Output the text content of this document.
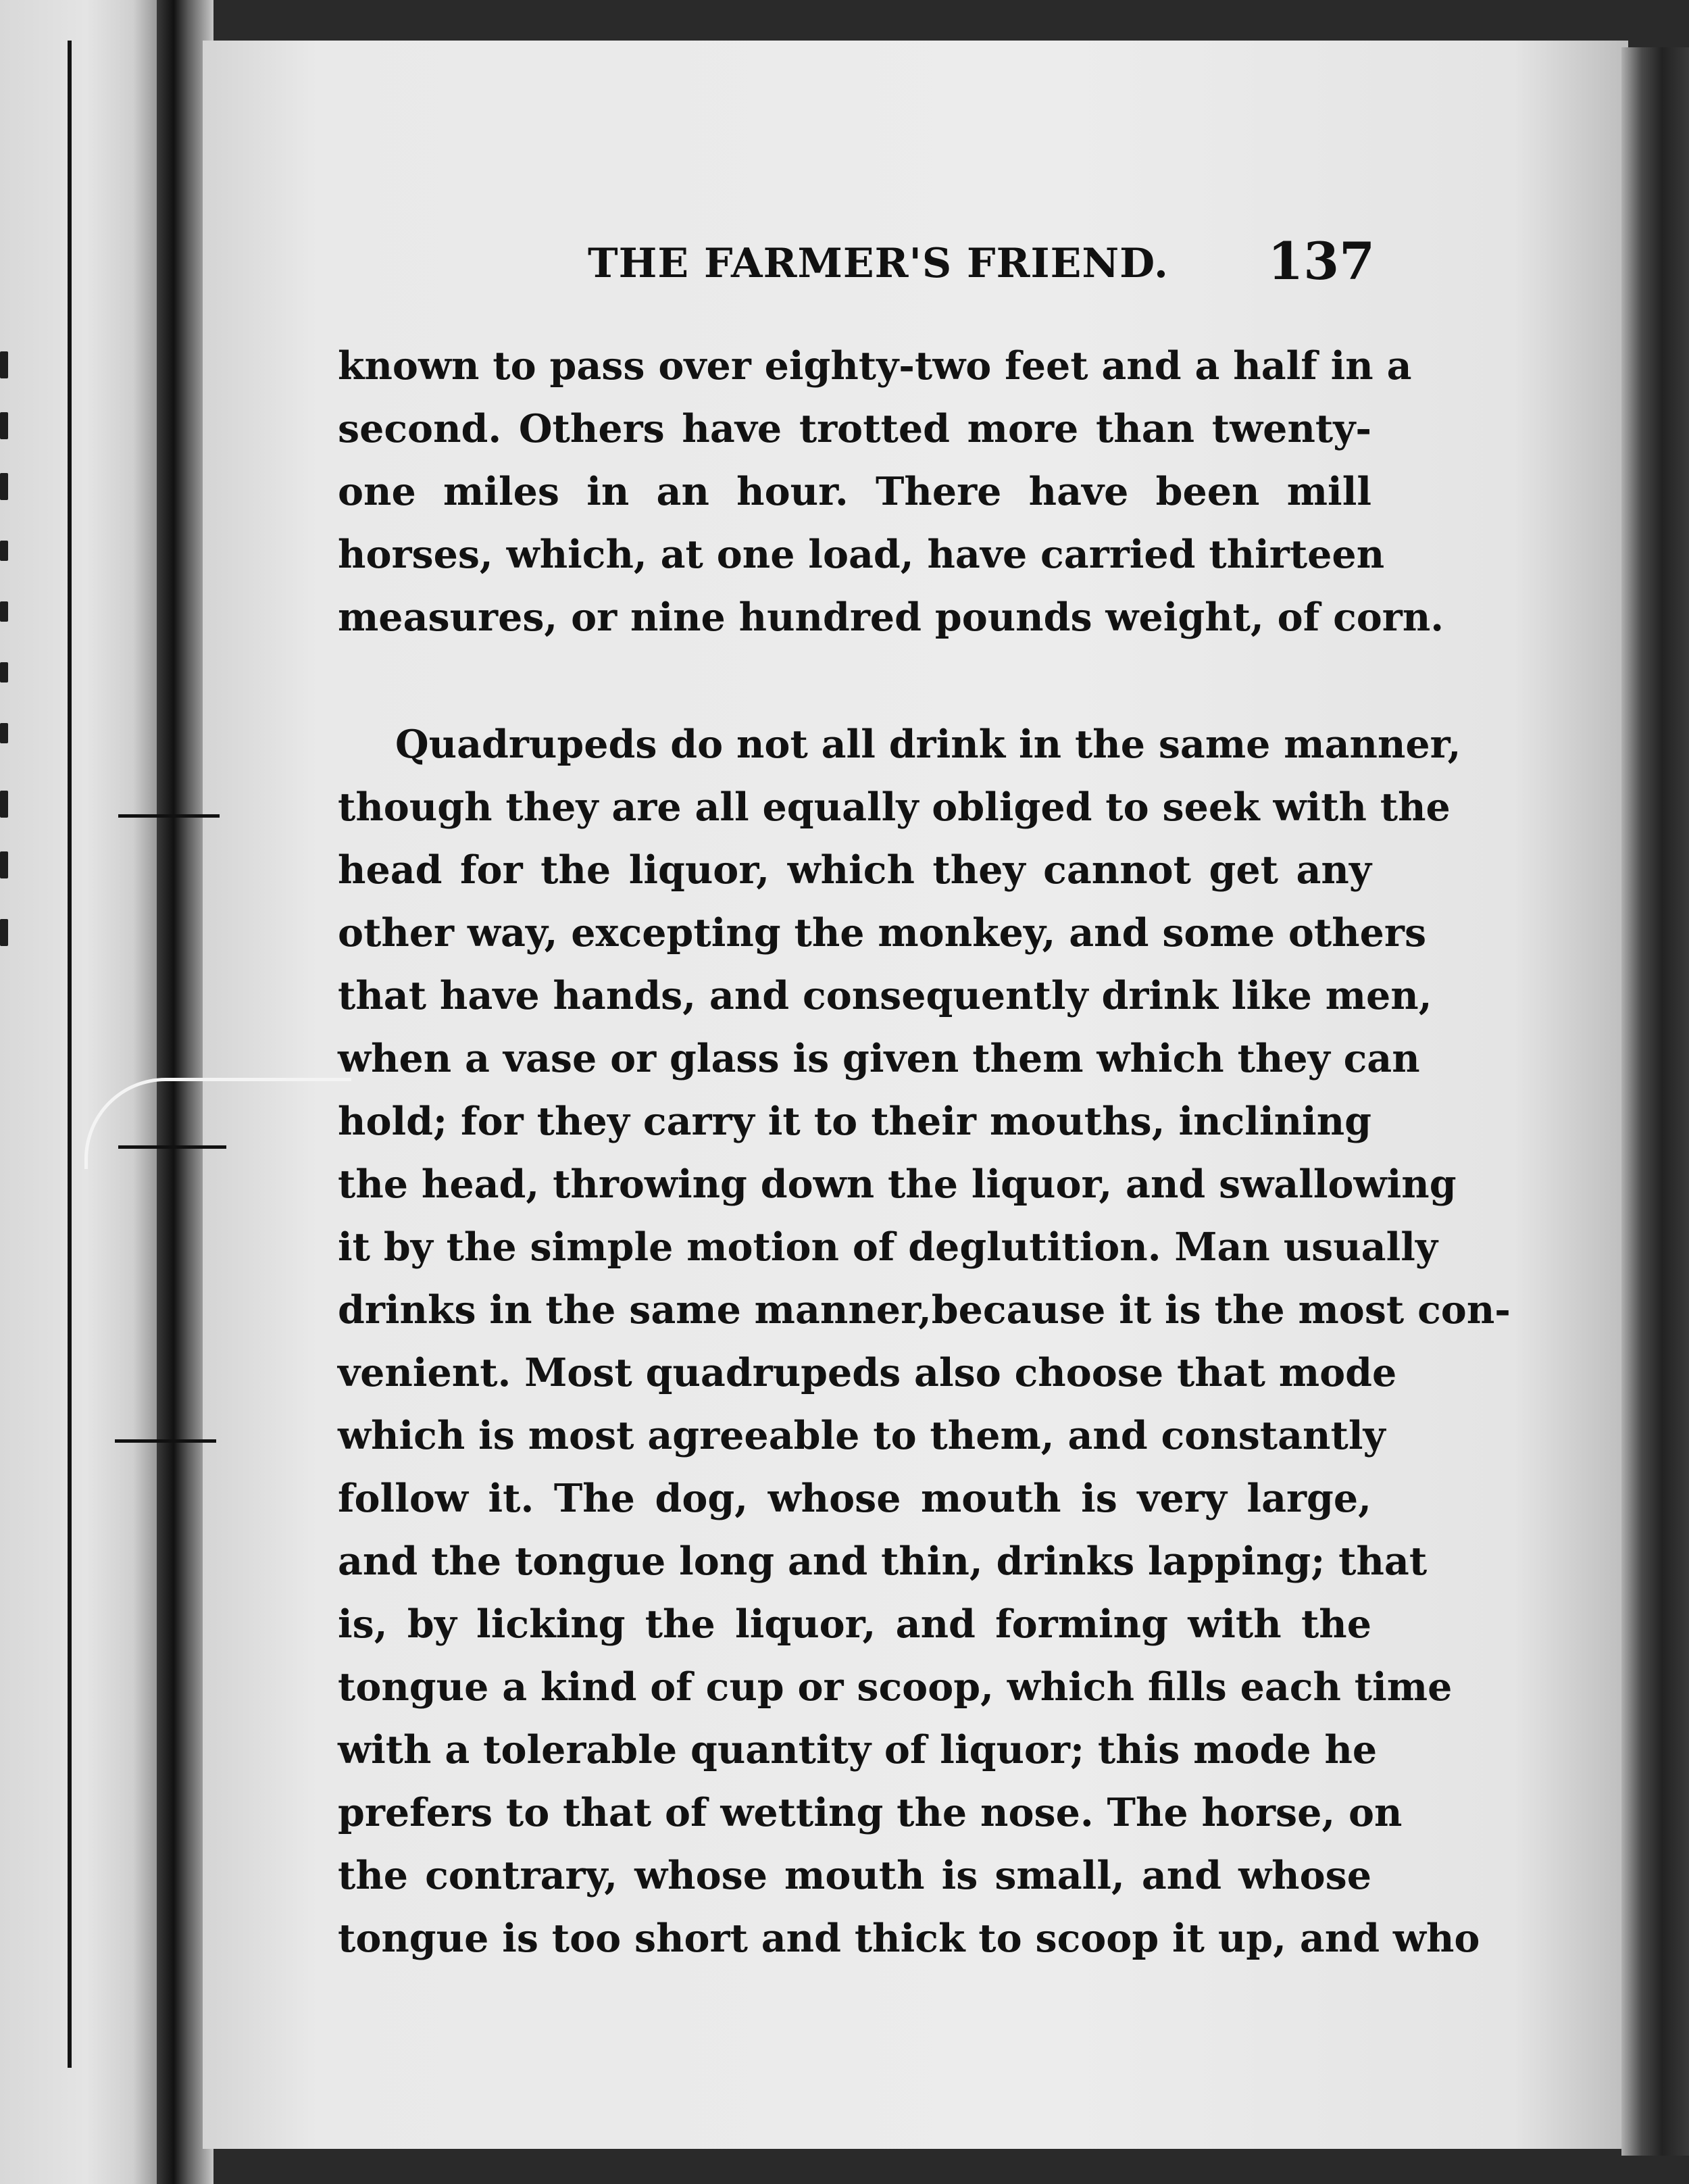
THE FARMER'S FRIEND. 137
known to pass over eighty-two feet and a half in a
second. Others have trotted more than twenty-
one miles in an hour. There have been mill
horses, which, at one load, have carried thirteen
measures, or nine hundred pounds weight, of corn.
Quadrupeds do not all drink in the same manner,
though they are all equally obliged to seek with the
head for the liquor, which they cannot get any
other way, excepting the monkey, and some others
that have hands, and consequently drink like men,
when a vase or glass is given them which they can
hold; for they carry it to their mouths, inclining
the head, throwing down the liquor, and swallowing
it by the simple motion of deglutition. Man usually
drinks in the same manner,because it is the most con-
venient. Most quadrupeds also choose that mode
which is most agreeable to them, and constantly
follow it. The dog, whose mouth is very large,
and the tongue long and thin, drinks lapping; that
is, by licking the liquor, and forming with the
tongue a kind of cup or scoop, which fills each time
with a tolerable quantity of liquor; this mode he
prefers to that of wetting the nose. The horse, on
the contrary, whose mouth is small, and whose
tongue is too short and thick to scoop it up, and who
